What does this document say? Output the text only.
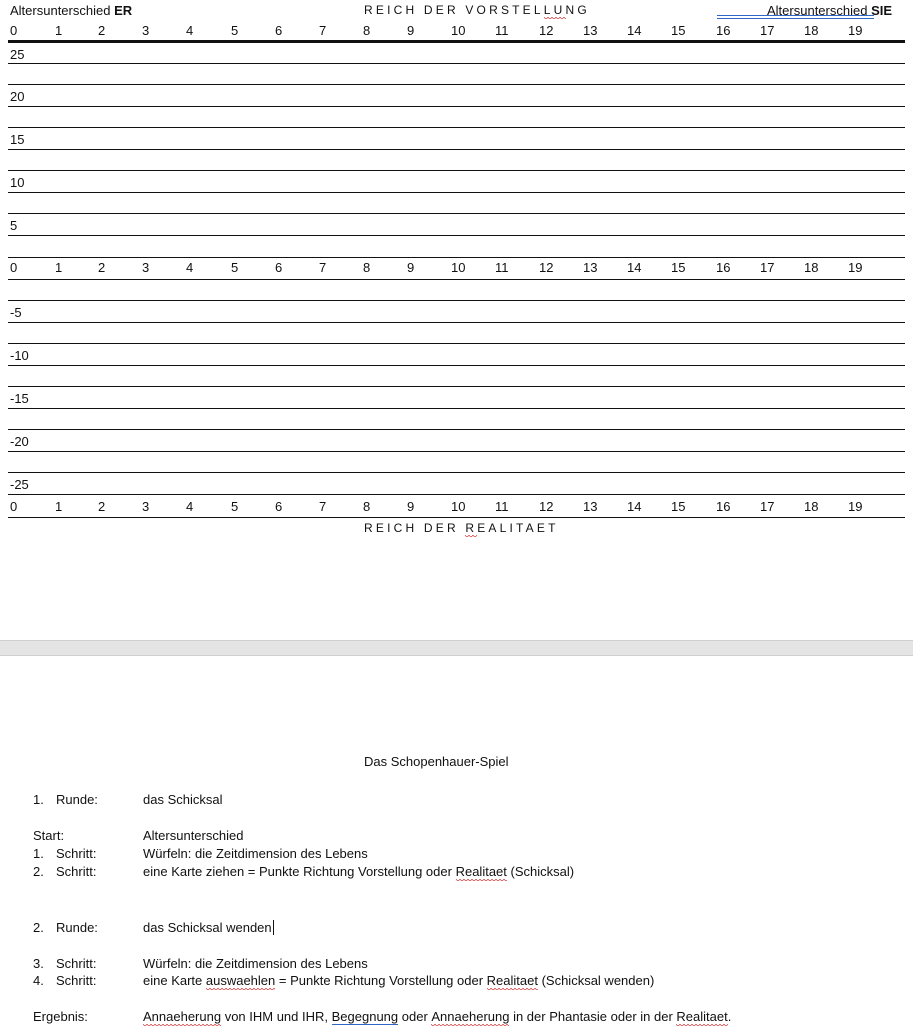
Altersunterschied ER	REICH DER VORSTELLUNG	Altersunterschied SIE
0	1	2	3	4	5	6	7	8	9	10 11 12 13 14 15 16 17 18 19
25
20
15
10
5
0	1	2	3	4	5	6	7	8	9	10 11 12 13 14 15 16 17 18 19
-5
-10
-15
-20
-25
0	1	2	3	4	5	6	7	8	9	10 11 12 13 14 15 16 17 18 19
REICH DER REALITAET
Das Schopenhauer-Spiel
1. Runde:	das Schicksal
Start:	Altersunterschied
1. Schritt:	Würfeln: die Zeitdimension des Lebens
2. Schritt:	eine Karte ziehen = Punkte Richtung Vorstellung oder Realitaet (Schicksal)
2. Runde:	das Schicksal wenden
3. Schritt:	Würfeln: die Zeitdimension des Lebens
4. Schritt:	eine Karte auswaehlen = Punkte Richtung Vorstellung oder Realitaet (Schicksal wenden)
Ergebnis:	Annaeherung von IHM und IHR, Begegnung oder Annaeherung in der Phantasie oder in der Realitaet.
